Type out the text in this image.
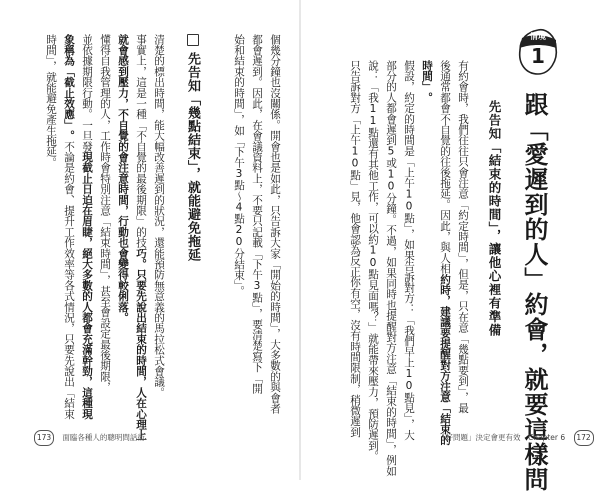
情境
1
跟「愛遲到的人」約會，就要這樣問
先告知「結束的時間」，讓他心裡有準備
有約會時，我們往往只會注意「約定時間」，但是，只在意「幾點要到」，最
後通常都會不自覺的往後拖延。因此，與人相約時，建議要提醒對方注意「結束的
時間」。
假設，約定的時間是「上午10點」，如果告訴對方：「我們早上10點見」，大
部分的人都會遲到5或10分鐘。不過，如果同時也提醒對方注意「結束的時間」，例如
說：「我11點還有其他工作，可以約10點見面嗎？」就能帶來壓力，預防遲到。
只告訴對方「上午10點」見，他會認為反正你有空，沒有時間限制，稍微遲到
個幾分鐘也沒關係。開會也是如此，只告訴大家「開始的時間」，大多數的與會者
都會遲到。因此，在會議資料上，不要只記載「下午3點」，要清楚寫下「開
始和結束的時間」，如「下午3點～4點20分結束」。
先告知「幾點結束」，就能避免拖延
清楚的標出時間，能大幅改善遲到的狀況，還能預防無意義的馬拉松式會議。
事實上，這是一種「不自覺的最後期限」的技巧。只要先說出結束的時間，人在心理上
就會感到壓力，不自覺的會注意時間，行動也會變得較俐落。
懂得自我管理的人，工作時會特別注意「結束時間」，甚至會設定最後期限，
並依據期限行動。一旦發現截止日迫在眉睫，絕大多數的人都會充滿幹勁，這種現
象稱為「截止效應」。不論是約會、提升工作效率等各式情況，只要先說出「結束
時間」，就能避免產生拖延。
173 面臨各種人的聰明問話術	「好問題」決定會更有效　Chapter 6 172
